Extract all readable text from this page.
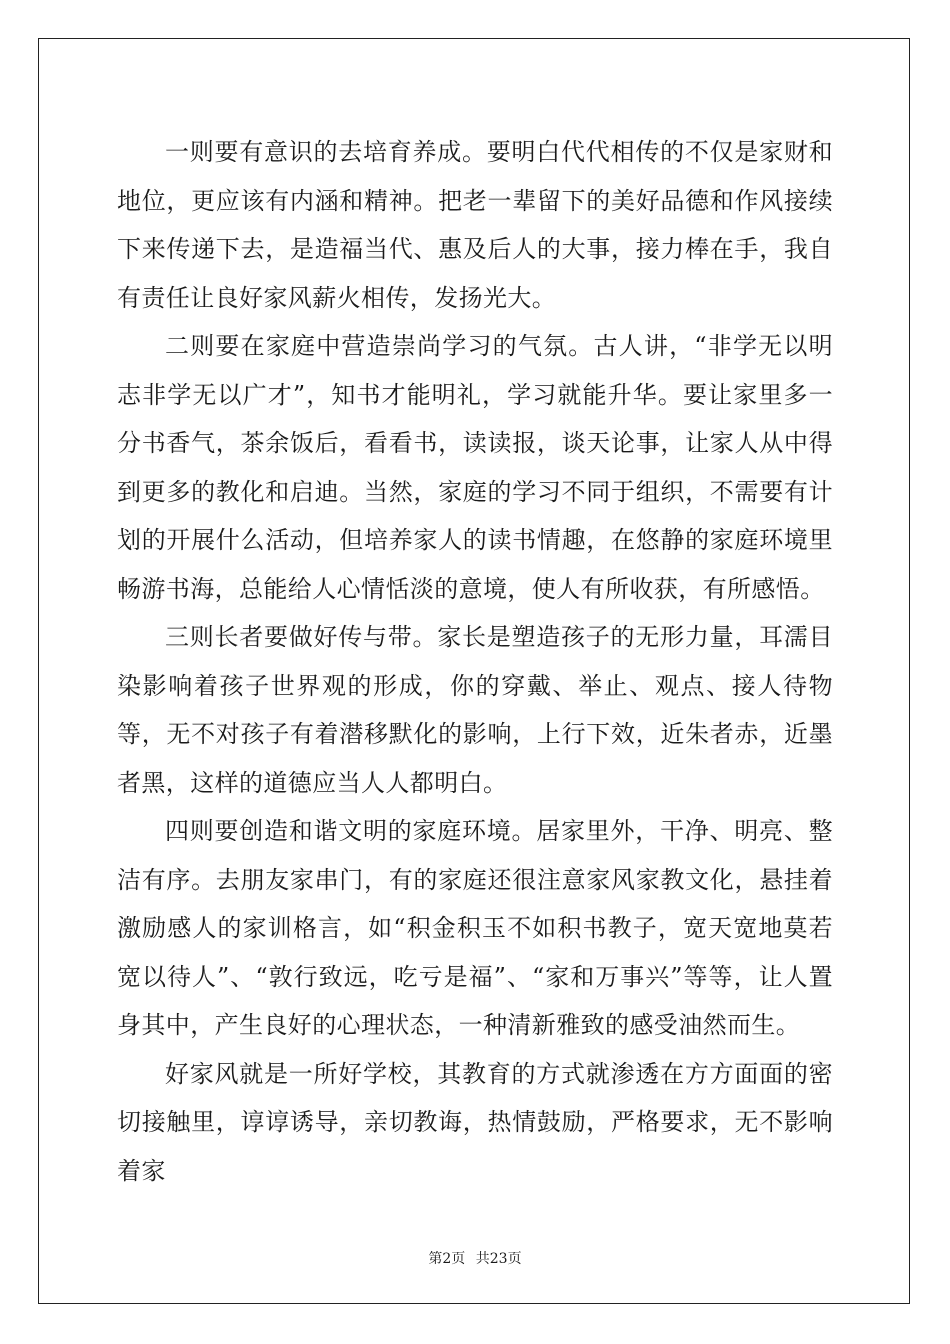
一则要有意识的去培育养成。要明白代代相传的不仅是家财和地位，更应该有内涵和精神。把老一辈留下的美好品德和作风接续下来传递下去，是造福当代、惠及后人的大事，接力棒在手，我自有责任让良好家风薪火相传，发扬光大。

二则要在家庭中营造崇尚学习的气氛。古人讲，“非学无以明志非学无以广才”，知书才能明礼，学习就能升华。要让家里多一分书香气，茶余饭后，看看书，读读报，谈天论事，让家人从中得到更多的教化和启迪。当然，家庭的学习不同于组织，不需要有计划的开展什么活动，但培养家人的读书情趣，在悠静的家庭环境里畅游书海，总能给人心情恬淡的意境，使人有所收获，有所感悟。

三则长者要做好传与带。家长是塑造孩子的无形力量，耳濡目染影响着孩子世界观的形成，你的穿戴、举止、观点、接人待物等，无不对孩子有着潜移默化的影响，上行下效，近朱者赤，近墨者黑，这样的道德应当人人都明白。

四则要创造和谐文明的家庭环境。居家里外，干净、明亮、整洁有序。去朋友家串门，有的家庭还很注意家风家教文化，悬挂着激励感人的家训格言，如“积金积玉不如积书教子，宽天宽地莫若宽以待人”、“敦行致远，吃亏是福”、“家和万事兴”等等，让人置身其中，产生良好的心理状态，一种清新雅致的感受油然而生。

好家风就是一所好学校，其教育的方式就渗透在方方面面的密切接触里，谆谆诱导，亲切教诲，热情鼓励，严格要求，无不影响着家

第2页 共23页
